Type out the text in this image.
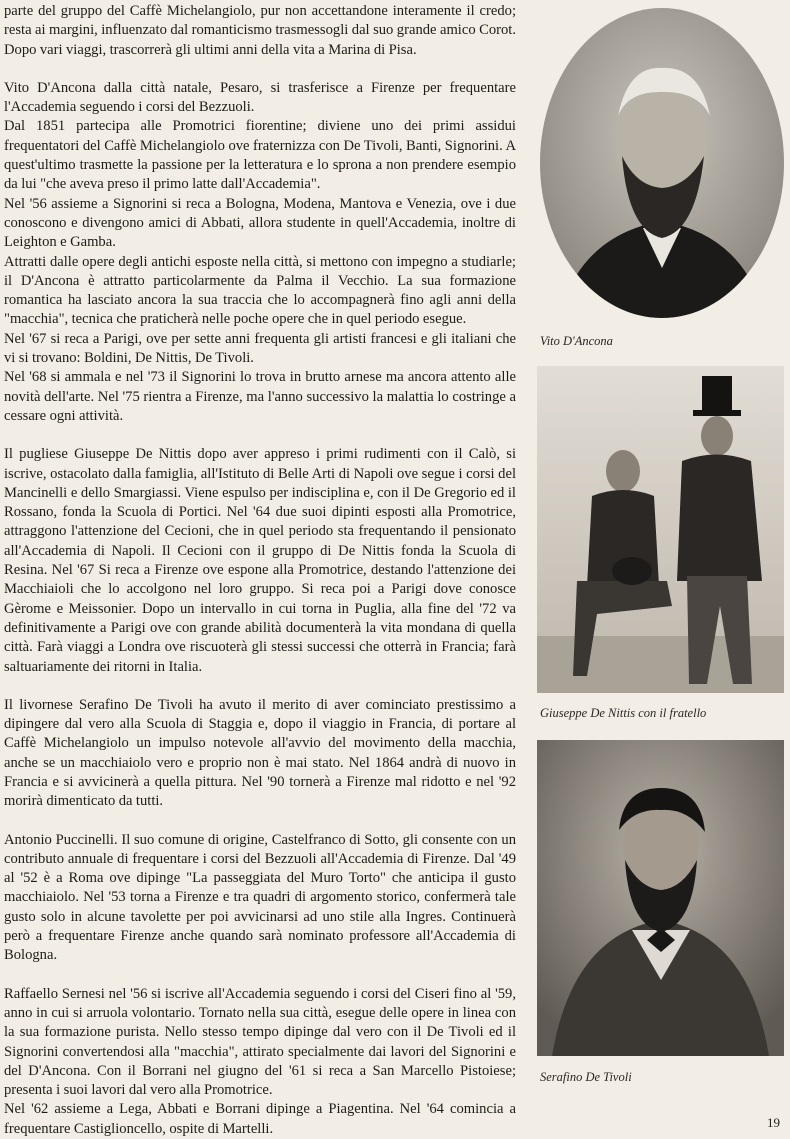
parte del gruppo del Caffè Michelangiolo, pur non accettandone interamente il credo; resta ai margini, influenzato dal romanticismo trasmessogli dal suo grande amico Corot. Dopo vari viaggi, trascorrerà gli ultimi anni della vita a Marina di Pisa.

Vito D'Ancona dalla città natale, Pesaro, si trasferisce a Firenze per frequentare l'Accademia seguendo i corsi del Bezzuoli.

Dal 1851 partecipa alle Promotrici fiorentine; diviene uno dei primi assidui frequentatori del Caffè Michelangiolo ove fraternizza con De Tivoli, Banti, Signorini. A quest'ultimo trasmette la passione per la letteratura e lo sprona a non prendere esempio da lui "che aveva preso il primo latte dall'Accademia".

Nel '56 assieme a Signorini si reca a Bologna, Modena, Mantova e Venezia, ove i due conoscono e divengono amici di Abbati, allora studente in quell'Accademia, inoltre di Leighton e Gamba.

Attratti dalle opere degli antichi esposte nella città, si mettono con impegno a studiarle; il D'Ancona è attratto particolarmente da Palma il Vecchio. La sua formazione romantica ha lasciato ancora la sua traccia che lo accompagnerà fino agli anni della "macchia", tecnica che praticherà nelle poche opere che in quel periodo esegue.

Nel '67 si reca a Parigi, ove per sette anni frequenta gli artisti francesi e gli italiani che vi si trovano: Boldini, De Nittis, De Tivoli.

Nel '68 si ammala e nel '73 il Signorini lo trova in brutto arnese ma ancora attento alle novità dell'arte. Nel '75 rientra a Firenze, ma l'anno successivo la malattia lo costringe a cessare ogni attività.

Il pugliese Giuseppe De Nittis dopo aver appreso i primi rudimenti con il Calò, si iscrive, ostacolato dalla famiglia, all'Istituto di Belle Arti di Napoli ove segue i corsi del Mancinelli e dello Smargiassi. Viene espulso per indisciplina e, con il De Gregorio ed il Rossano, fonda la Scuola di Portici. Nel '64 due suoi dipinti esposti alla Promotrice, attraggono l'attenzione del Cecioni, che in quel periodo sta frequentando il pensionato all'Accademia di Napoli. Il Cecioni con il gruppo di De Nittis fonda la Scuola di Resina. Nel '67 Si reca a Firenze ove espone alla Promotrice, destando l'attenzione dei Macchiaioli che lo accolgono nel loro gruppo. Si reca poi a Parigi dove conosce Gèrome e Meissonier. Dopo un intervallo in cui torna in Puglia, alla fine del '72 va definitivamente a Parigi ove con grande abilità documenterà la vita mondana di quella città. Farà viaggi a Londra ove riscuoterà gli stessi successi che otterrà in Francia; farà saltuariamente dei ritorni in Italia.

Il livornese Serafino De Tivoli ha avuto il merito di aver cominciato prestissimo a dipingere dal vero alla Scuola di Staggia e, dopo il viaggio in Francia, di portare al Caffè Michelangiolo un impulso notevole all'avvio del movimento della macchia, anche se un macchiaiolo vero e proprio non è mai stato. Nel 1864 andrà di nuovo in Francia e si avvicinerà a quella pittura. Nel '90 tornerà a Firenze mal ridotto e nel '92 morirà dimenticato da tutti.

Antonio Puccinelli. Il suo comune di origine, Castelfranco di Sotto, gli consente con un contributo annuale di frequentare i corsi del Bezzuoli all'Accademia di Firenze. Dal '49 al '52 è a Roma ove dipinge "La passeggiata del Muro Torto" che anticipa il gusto macchiaiolo. Nel '53 torna a Firenze e tra quadri di argomento storico, confermerà tale gusto solo in alcune tavolette per poi avvicinarsi ad uno stile alla Ingres. Continuerà però a frequentare Firenze anche quando sarà nominato professore all'Accademia di Bologna.

Raffaello Sernesi nel '56 si iscrive all'Accademia seguendo i corsi del Ciseri fino al '59, anno in cui si arruola volontario. Tornato nella sua città, esegue delle opere in linea con la sua formazione purista. Nello stesso tempo dipinge dal vero con il De Tivoli ed il Signorini convertendosi alla "macchia", attirato specialmente dai lavori del Signorini e del D'Ancona. Con il Borrani nel giugno del '61 si reca a San Marcello Pistoiese; presenta i suoi lavori dal vero alla Promotrice.

Nel '62 assieme a Lega, Abbati e Borrani dipinge a Piagentina. Nel '64 comincia a frequentare Castiglioncello, ospite di Martelli.

Vito D'Ancona
Giuseppe De Nittis con il fratello
Serafino De Tivoli
19
